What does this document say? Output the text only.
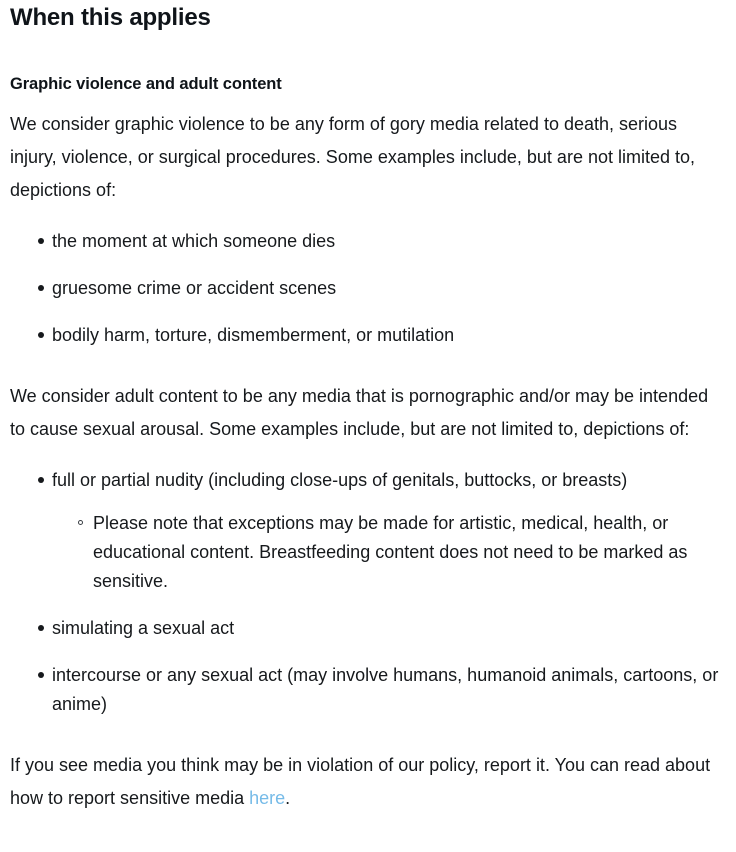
When this applies
Graphic violence and adult content

We consider graphic violence to be any form of gory media related to death, serious injury, violence, or surgical procedures. Some examples include, but are not limited to, depictions of:

the moment at which someone dies
gruesome crime or accident scenes
bodily harm, torture, dismemberment, or mutilation

We consider adult content to be any media that is pornographic and/or may be intended to cause sexual arousal. Some examples include, but are not limited to, depictions of:

full or partial nudity (including close-ups of genitals, buttocks, or breasts)
Please note that exceptions may be made for artistic, medical, health, or educational content. Breastfeeding content does not need to be marked as sensitive.
simulating a sexual act
intercourse or any sexual act (may involve humans, humanoid animals, cartoons, or anime)

If you see media you think may be in violation of our policy, report it. You can read about how to report sensitive media here.
